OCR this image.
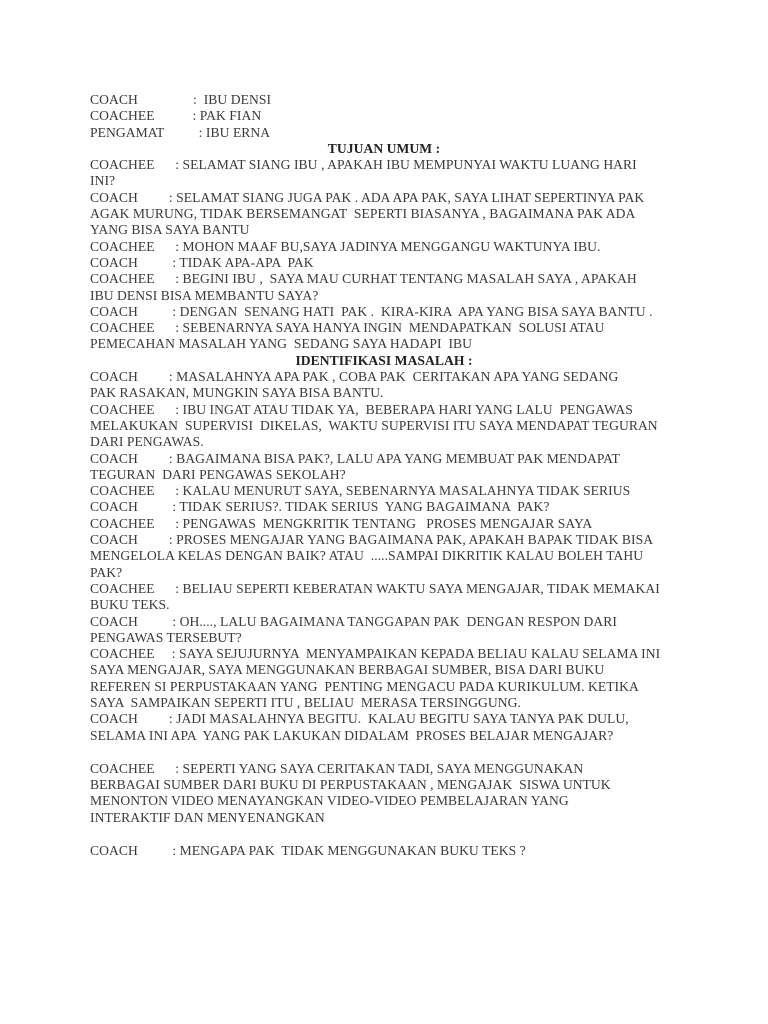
COACH                :  IBU DENSI
COACHEE           : PAK FIAN
PENGAMAT          : IBU ERNA
TUJUAN UMUM :
COACHEE      : SELAMAT SIANG IBU , APAKAH IBU MEMPUNYAI WAKTU LUANG HARI
INI?
COACH         : SELAMAT SIANG JUGA PAK . ADA APA PAK, SAYA LIHAT SEPERTINYA PAK
AGAK MURUNG, TIDAK BERSEMANGAT  SEPERTI BIASANYA , BAGAIMANA PAK ADA
YANG BISA SAYA BANTU
COACHEE      : MOHON MAAF BU,SAYA JADINYA MENGGANGU WAKTUNYA IBU.
COACH          : TIDAK APA-APA  PAK
COACHEE      : BEGINI IBU ,  SAYA MAU CURHAT TENTANG MASALAH SAYA , APAKAH
IBU DENSI BISA MEMBANTU SAYA?
COACH          : DENGAN  SENANG HATI  PAK .  KIRA-KIRA  APA YANG BISA SAYA BANTU .
COACHEE      : SEBENARNYA SAYA HANYA INGIN  MENDAPATKAN  SOLUSI ATAU
PEMECAHAN MASALAH YANG  SEDANG SAYA HADAPI  IBU
IDENTIFIKASI MASALAH :
COACH         : MASALAHNYA APA PAK , COBA PAK  CERITAKAN APA YANG SEDANG
PAK RASAKAN, MUNGKIN SAYA BISA BANTU.
COACHEE      : IBU INGAT ATAU TIDAK YA,  BEBERAPA HARI YANG LALU  PENGAWAS
MELAKUKAN  SUPERVISI  DIKELAS,  WAKTU SUPERVISI ITU SAYA MENDAPAT TEGURAN
DARI PENGAWAS.
COACH         : BAGAIMANA BISA PAK?, LALU APA YANG MEMBUAT PAK MENDAPAT
TEGURAN  DARI PENGAWAS SEKOLAH?
COACHEE      : KALAU MENURUT SAYA, SEBENARNYA MASALAHNYA TIDAK SERIUS
COACH          : TIDAK SERIUS?. TIDAK SERIUS  YANG BAGAIMANA  PAK?
COACHEE      : PENGAWAS  MENGKRITIK TENTANG   PROSES MENGAJAR SAYA
COACH         : PROSES MENGAJAR YANG BAGAIMANA PAK, APAKAH BAPAK TIDAK BISA
MENGELOLA KELAS DENGAN BAIK? ATAU  .....SAMPAI DIKRITIK KALAU BOLEH TAHU
PAK?
COACHEE      : BELIAU SEPERTI KEBERATAN WAKTU SAYA MENGAJAR, TIDAK MEMAKAI
BUKU TEKS.
COACH          : OH...., LALU BAGAIMANA TANGGAPAN PAK  DENGAN RESPON DARI
PENGAWAS TERSEBUT?
COACHEE     : SAYA SEJUJURNYA  MENYAMPAIKAN KEPADA BELIAU KALAU SELAMA INI
SAYA MENGAJAR, SAYA MENGGUNAKAN BERBAGAI SUMBER, BISA DARI BUKU
REFEREN SI PERPUSTAKAAN YANG  PENTING MENGACU PADA KURIKULUM. KETIKA
SAYA  SAMPAIKAN SEPERTI ITU , BELIAU  MERASA TERSINGGUNG.
COACH         : JADI MASALAHNYA BEGITU.  KALAU BEGITU SAYA TANYA PAK DULU,
SELAMA INI APA  YANG PAK LAKUKAN DIDALAM  PROSES BELAJAR MENGAJAR?
COACHEE      : SEPERTI YANG SAYA CERITAKAN TADI, SAYA MENGGUNAKAN
BERBAGAI SUMBER DARI BUKU DI PERPUSTAKAAN , MENGAJAK  SISWA UNTUK
MENONTON VIDEO MENAYANGKAN VIDEO-VIDEO PEMBELAJARAN YANG
INTERAKTIF DAN MENYENANGKAN
COACH          : MENGAPA PAK  TIDAK MENGGUNAKAN BUKU TEKS ?
